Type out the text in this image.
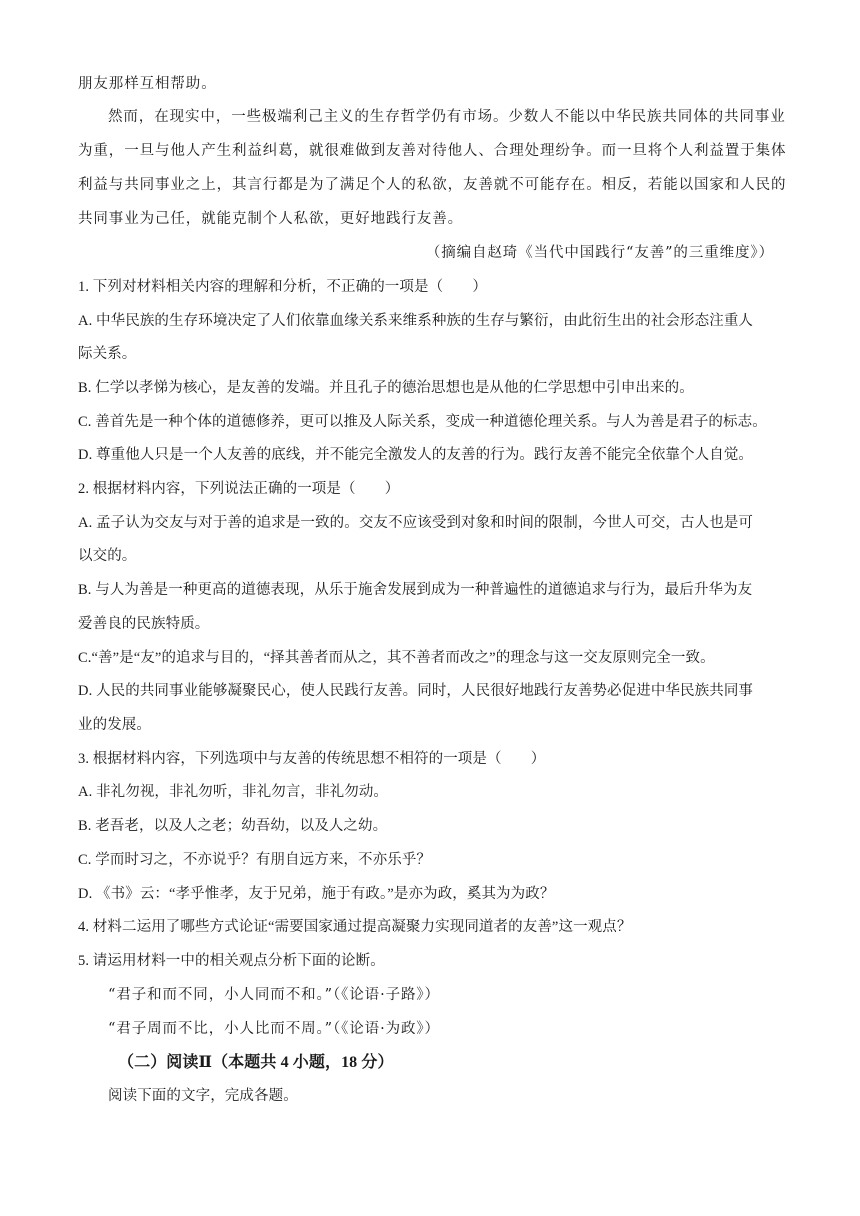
朋友那样互相帮助。
然而，在现实中，一些极端利己主义的生存哲学仍有市场。少数人不能以中华民族共同体的共同事业
为重，一旦与他人产生利益纠葛，就很难做到友善对待他人、合理处理纷争。而一旦将个人利益置于集体
利益与共同事业之上，其言行都是为了满足个人的私欲，友善就不可能存在。相反，若能以国家和人民的
共同事业为己任，就能克制个人私欲，更好地践行友善。
（摘编自赵琦《当代中国践行“友善”的三重维度》）
1. 下列对材料相关内容的理解和分析，不正确的一项是（　　）
A. 中华民族的生存环境决定了人们依靠血缘关系来维系种族的生存与繁衍，由此衍生出的社会形态注重人
际关系。
B. 仁学以孝悌为核心，是友善的发端。并且孔子的德治思想也是从他的仁学思想中引申出来的。
C. 善首先是一种个体的道德修养，更可以推及人际关系，变成一种道德伦理关系。与人为善是君子的标志。
D. 尊重他人只是一个人友善的底线，并不能完全激发人的友善的行为。践行友善不能完全依靠个人自觉。
2. 根据材料内容，下列说法正确的一项是（　　）
A. 孟子认为交友与对于善的追求是一致的。交友不应该受到对象和时间的限制，今世人可交，古人也是可
以交的。
B. 与人为善是一种更高的道德表现，从乐于施舍发展到成为一种普遍性的道德追求与行为，最后升华为友
爱善良的民族特质。
C.“善”是“友”的追求与目的，“择其善者而从之，其不善者而改之”的理念与这一交友原则完全一致。
D. 人民的共同事业能够凝聚民心，使人民践行友善。同时，人民很好地践行友善势必促进中华民族共同事
业的发展。
3. 根据材料内容，下列选项中与友善的传统思想不相符的一项是（　　）
A. 非礼勿视，非礼勿听，非礼勿言，非礼勿动。
B. 老吾老，以及人之老；幼吾幼，以及人之幼。
C. 学而时习之，不亦说乎？有朋自远方来，不亦乐乎？
D. 《书》云：“孝乎惟孝，友于兄弟，施于有政。”是亦为政，奚其为为政？
4. 材料二运用了哪些方式论证“需要国家通过提高凝聚力实现同道者的友善”这一观点？
5. 请运用材料一中的相关观点分析下面的论断。
“君子和而不同，小人同而不和。”（《论语·子路》）
“君子周而不比，小人比而不周。”（《论语·为政》）
（二）阅读Ⅱ（本题共 4 小题，18 分）
阅读下面的文字，完成各题。
